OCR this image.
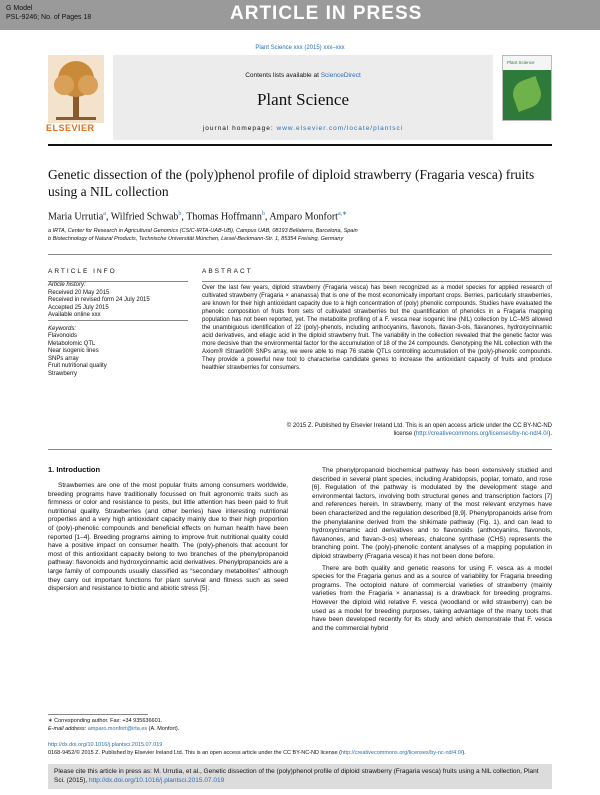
G Model
PSL-9246; No. of Pages 18	ARTICLE IN PRESS
Plant Science xxx (2015) xxx–xxx
ELSEVIER
Contents lists available at ScienceDirect
Plant Science
journal homepage: www.elsevier.com/locate/plantsci
Plant Science
Genetic dissection of the (poly)phenol profile of diploid strawberry (Fragaria vesca) fruits using a NIL collection
Maria Urrutia$^a$, Wilfried Schwab$^b$, Thomas Hoffmann$^b$, Amparo Monfort$^{a,∗}$
a IRTA, Center for Research in Agricultural Genomics (CSIC-IRTA-UAB-UB), Campus UAB, 08193 Bellaterra, Barcelona, Spain
b Biotechnology of Natural Products, Technische Universität München, Liesel-Beckmann-Str. 1, 85354 Freising, Germany
ARTICLE INFO	ABSTRACT
Article history:
Received 20 May 2015
Received in revised form 24 July 2015
Accepted 25 July 2015
Available online xxx
Keywords:
Flavonoids
Metabolomic QTL
Near isogenic lines
SNPs array
Fruit nutritional quality
Strawberry
Over the last few years, diploid strawberry (Fragaria vesca) has been recognized as a model species for applied research of cultivated strawberry (Fragaria × ananassa) that is one of the most economically important crops. Berries, particularly strawberries, are known for their high antioxidant capacity due to a high concentration of (poly) phenolic compounds. Studies have evaluated the phenolic composition of fruits from sets of cultivated strawberries but the quantification of phenolics in a Fragaria mapping population has not been reported, yet. The metabolite profiling of a F. vesca near isogenic line (NIL) collection by LC–MS allowed the unambiguous identification of 22 (poly)-phenols, including anthocyanins, flavonols, flavan-3-ols, flavanones, hydroxycinnamic acid derivatives, and ellagic acid in the diploid strawberry fruit. The variability in the collection revealed that the genetic factor was more decisive than the environmental factor for the accumulation of 18 of the 24 compounds. Genotyping the NIL collection with the Axiom® IStraw90® SNPs array, we were able to map 76 stable QTLs controlling accumulation of the (poly)-phenolic compounds. They provide a powerful new tool to characterise candidate genes to increase the antioxidant capacity of fruits and produce healthier strawberries for consumers.
© 2015 Z. Published by Elsevier Ireland Ltd. This is an open access article under the CC BY-NC-ND
license (http://creativecommons.org/licenses/by-nc-nd/4.0/).
1. Introduction

Strawberries are one of the most popular fruits among consumers worldwide, breeding programs have traditionally focussed on fruit agronomic traits such as firmness or color and resistance to pests, but little attention has been paid to fruit nutritional quality. Strawberries (and other berries) have interesting nutritional properties and a very high antioxidant capacity mainly due to their high proportion of (poly)-phenolic compounds and beneficial effects on human health have been reported [1–4]. Breeding programs aiming to improve fruit nutritional quality could have a positive impact on consumer health. The (poly)-phenols that account for most of this antioxidant capacity belong to two branches of the phenylpropanoid pathway: flavonoids and hydroxycinnamic acid derivatives. Phenylpropanoids are a large family of compounds usually classified as “secondary metabolites” although they carry out important functions for plant survival and fitness such as seed dispersion and resistance to biotic and abiotic stress [5].

The phenylpropanoid biochemical pathway has been extensively studied and described in several plant species, including Arabidopsis, poplar, tomato, and rose [6]. Regulation of the pathway is modulated by the development stage and environmental factors, involving both structural genes and transcription factors [7] and references herein. In strawberry, many of the most relevant enzymes have been characterized and the regulation described [8,9]. Phenylpropanoids arise from the phenylalanine derived from the shikimate pathway (Fig. 1), and can lead to hydroxycinnamic acid derivatives and to flavonoids (anthocyanins, flavonols, flavanones, and flavan-3-os) whereas, chalcone synthase (CHS) represents the branching point. The (poly)-phenolic content analyses of a mapping population in diploid strawberry (Fragaria vesca) it has not been done before.

There are both quality and genetic reasons for using F. vesca as a model species for the Fragaria genus and as a source of variability for Fragaria breeding programs. The octoploid nature of commercial varieties of strawberry (mainly varieties from the Fragaria × ananassa) is a drawback for breeding programs. However the diploid wild relative F. vesca (woodland or wild strawberry) can be used as a model for breeding purposes, taking advantage of the many tools that have been developed recently for its study and which demonstrate that F. vesca and the commercial hybrid

∗ Corresponding author. Fax: +34 935636601.
E-mail address: amparo.monfort@irta.es (A. Monfort).
http://dx.doi.org/10.1016/j.plantsci.2015.07.019
0168-9452/© 2015 Z. Published by Elsevier Ireland Ltd. This is an open access article under the CC BY-NC-ND license (http://creativecommons.org/licenses/by-nc-nd/4.0/).
Please cite this article in press as: M. Urrutia, et al., Genetic dissection of the (poly)phenol profile of diploid strawberry (Fragaria vesca) fruits using a NIL collection, Plant Sci. (2015), http://dx.doi.org/10.1016/j.plantsci.2015.07.019
